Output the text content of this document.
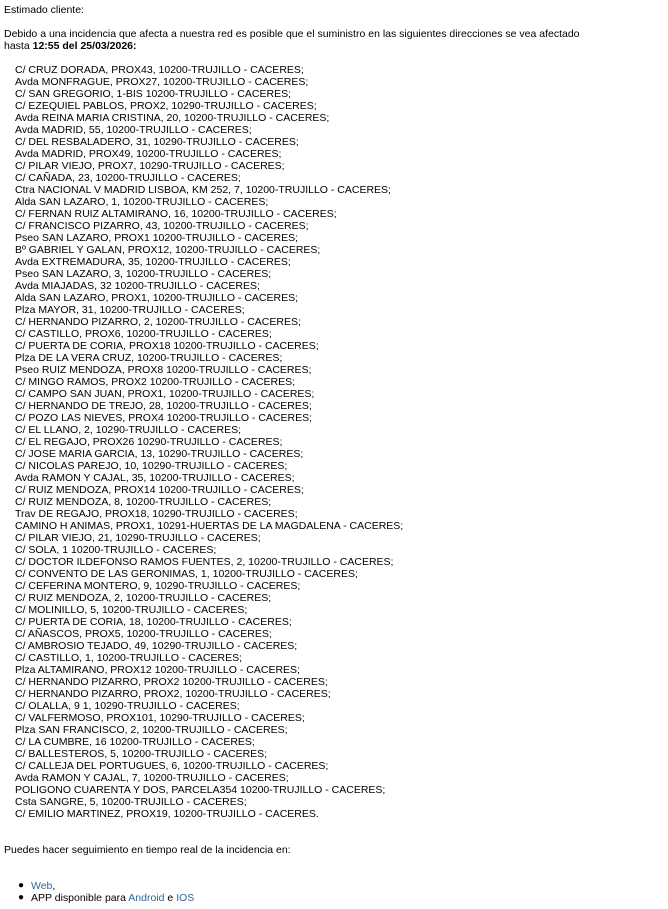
Estimado cliente:
Debido a una incidencia que afecta a nuestra red es posible que el suministro en las siguientes direcciones se vea afectado hasta 12:55 del 25/03/2026:
C/ CRUZ DORADA, PROX43, 10200-TRUJILLO - CACERES;
Avda MONFRAGUE, PROX27, 10200-TRUJILLO - CACERES;
C/ SAN GREGORIO, 1-BIS 10200-TRUJILLO - CACERES;
C/ EZEQUIEL PABLOS, PROX2, 10290-TRUJILLO - CACERES;
Avda REINA MARIA CRISTINA, 20, 10200-TRUJILLO - CACERES;
Avda MADRID, 55, 10200-TRUJILLO - CACERES;
C/ DEL RESBALADERO, 31, 10290-TRUJILLO - CACERES;
Avda MADRID, PROX49, 10200-TRUJILLO - CACERES;
C/ PILAR VIEJO, PROX7, 10290-TRUJILLO - CACERES;
C/ CAÑADA, 23, 10200-TRUJILLO - CACERES;
Ctra NACIONAL V MADRID LISBOA, KM 252, 7, 10200-TRUJILLO - CACERES;
Alda SAN LAZARO, 1, 10200-TRUJILLO - CACERES;
C/ FERNAN RUIZ ALTAMIRANO, 16, 10200-TRUJILLO - CACERES;
C/ FRANCISCO PIZARRO, 43, 10200-TRUJILLO - CACERES;
Pseo SAN LAZARO, PROX1 10200-TRUJILLO - CACERES;
Bº GABRIEL Y GALAN, PROX12, 10200-TRUJILLO - CACERES;
Avda EXTREMADURA, 35, 10200-TRUJILLO - CACERES;
Pseo SAN LAZARO, 3, 10200-TRUJILLO - CACERES;
Avda MIAJADAS, 32 10200-TRUJILLO - CACERES;
Alda SAN LAZARO, PROX1, 10200-TRUJILLO - CACERES;
Plza MAYOR, 31, 10200-TRUJILLO - CACERES;
C/ HERNANDO PIZARRO, 2, 10200-TRUJILLO - CACERES;
C/ CASTILLO, PROX6, 10200-TRUJILLO - CACERES;
C/ PUERTA DE CORIA, PROX18 10200-TRUJILLO - CACERES;
Plza DE LA VERA CRUZ, 10200-TRUJILLO - CACERES;
Pseo RUIZ MENDOZA, PROX8 10200-TRUJILLO - CACERES;
C/ MINGO RAMOS, PROX2 10200-TRUJILLO - CACERES;
C/ CAMPO SAN JUAN, PROX1, 10200-TRUJILLO - CACERES;
C/ HERNANDO DE TREJO, 28, 10200-TRUJILLO - CACERES;
C/ POZO LAS NIEVES, PROX4 10200-TRUJILLO - CACERES;
C/ EL LLANO, 2, 10290-TRUJILLO - CACERES;
C/ EL REGAJO, PROX26 10290-TRUJILLO - CACERES;
C/ JOSE MARIA GARCIA, 13, 10290-TRUJILLO - CACERES;
C/ NICOLAS PAREJO, 10, 10290-TRUJILLO - CACERES;
Avda RAMON Y CAJAL, 35, 10200-TRUJILLO - CACERES;
C/ RUIZ MENDOZA, PROX14 10200-TRUJILLO - CACERES;
C/ RUIZ MENDOZA, 8, 10200-TRUJILLO - CACERES;
Trav DE REGAJO, PROX18, 10290-TRUJILLO - CACERES;
CAMINO H ANIMAS, PROX1, 10291-HUERTAS DE LA MAGDALENA - CACERES;
C/ PILAR VIEJO, 21, 10290-TRUJILLO - CACERES;
C/ SOLA, 1 10200-TRUJILLO - CACERES;
C/ DOCTOR ILDEFONSO RAMOS FUENTES, 2, 10200-TRUJILLO - CACERES;
C/ CONVENTO DE LAS GERONIMAS, 1, 10200-TRUJILLO - CACERES;
C/ CEFERINA MONTERO, 9, 10290-TRUJILLO - CACERES;
C/ RUIZ MENDOZA, 2, 10200-TRUJILLO - CACERES;
C/ MOLINILLO, 5, 10200-TRUJILLO - CACERES;
C/ PUERTA DE CORIA, 18, 10200-TRUJILLO - CACERES;
C/ AÑASCOS, PROX5, 10200-TRUJILLO - CACERES;
C/ AMBROSIO TEJADO, 49, 10290-TRUJILLO - CACERES;
C/ CASTILLO, 1, 10200-TRUJILLO - CACERES;
Plza ALTAMIRANO, PROX12 10200-TRUJILLO - CACERES;
C/ HERNANDO PIZARRO, PROX2 10200-TRUJILLO - CACERES;
C/ HERNANDO PIZARRO, PROX2, 10200-TRUJILLO - CACERES;
C/ OLALLA, 9 1, 10290-TRUJILLO - CACERES;
C/ VALFERMOSO, PROX101, 10290-TRUJILLO - CACERES;
Plza SAN FRANCISCO, 2, 10200-TRUJILLO - CACERES;
C/ LA CUMBRE, 16 10200-TRUJILLO - CACERES;
C/ BALLESTEROS, 5, 10200-TRUJILLO - CACERES;
C/ CALLEJA DEL PORTUGUES, 6, 10200-TRUJILLO - CACERES;
Avda RAMON Y CAJAL, 7, 10200-TRUJILLO - CACERES;
POLIGONO CUARENTA Y DOS, PARCELA354 10200-TRUJILLO - CACERES;
Csta SANGRE, 5, 10200-TRUJILLO - CACERES;
C/ EMILIO MARTINEZ, PROX19, 10200-TRUJILLO - CACERES.
Puedes hacer seguimiento en tiempo real de la incidencia en:
● Web,
● APP disponible para Android e IOS
